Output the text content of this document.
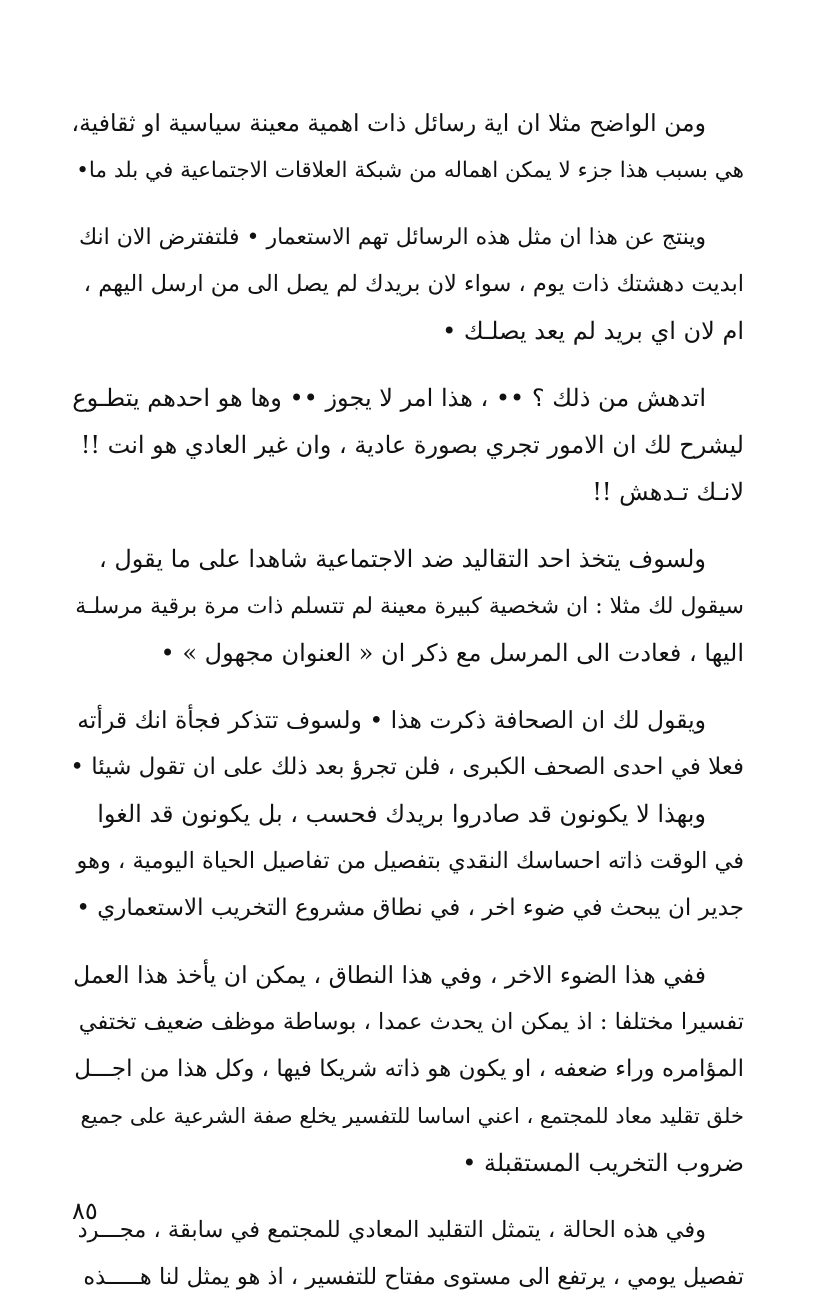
ومن الواضح مثلا ان اية رسائل ذات اهمية معينة سياسية او ثقافية،
هي بسبب هذا جزء لا يمكن اهماله من شبكة العلاقات الاجتماعية في بلد ما•
وينتج عن هذا ان مثل هذه الرسائل تهم الاستعمار • فلتفترض الان انك
ابديت دهشتك ذات يوم ، سواء لان بريدك لم يصل الى من ارسل اليهم ،
ام لان اي بريد لم يعد يصلـك •
اتدهش من ذلك ؟ •• ، هذا امر لا يجوز •• وها هو احدهم يتطـوع
ليشرح لك ان الامور تجري بصورة عادية ، وان غير العادي هو انت !!
لانـك تـدهش !!
ولسوف يتخذ احد التقاليد ضد الاجتماعية شاهدا على ما يقول ،
سيقول لك مثلا : ان شخصية كبيرة معينة لم تتسلم ذات مرة برقية مرسلـة
اليها ، فعادت الى المرسل مع ذكر ان « العنوان مجهول » •
ويقول لك ان الصحافة ذكرت هذا • ولسوف تتذكر فجأة انك قرأته
فعلا في احدى الصحف الكبرى ، فلن تجرؤ بعد ذلك على ان تقول شيئا •
وبهذا لا يكونون قد صادروا بريدك فحسب ، بل يكونون قد الغوا
في الوقت ذاته احساسك النقدي بتفصيل من تفاصيل الحياة اليومية ، وهو
جدير ان يبحث في ضوء اخر ، في نطاق مشروع التخريب الاستعماري •
ففي هذا الضوء الاخر ، وفي هذا النطاق ، يمكن ان يأخذ هذا العمل
تفسيرا مختلفا : اذ يمكن ان يحدث عمدا ، بوساطة موظف ضعيف تختفي
المؤامره وراء ضعفه ، او يكون هو ذاته شريكا فيها ، وكل هذا من اجـــل
خلق تقليد معاد للمجتمع ، اعني اساسا للتفسير يخلع صفة الشرعية على جميع
ضروب التخريب المستقبلة •
وفي هذه الحالة ، يتمثل التقليد المعادي للمجتمع في سابقة ، مجـــرد
تفصيل يومي ، يرتفع الى مستوى مفتاح للتفسير ، اذ هو يمثل لنا هـــــذه
٨٥
